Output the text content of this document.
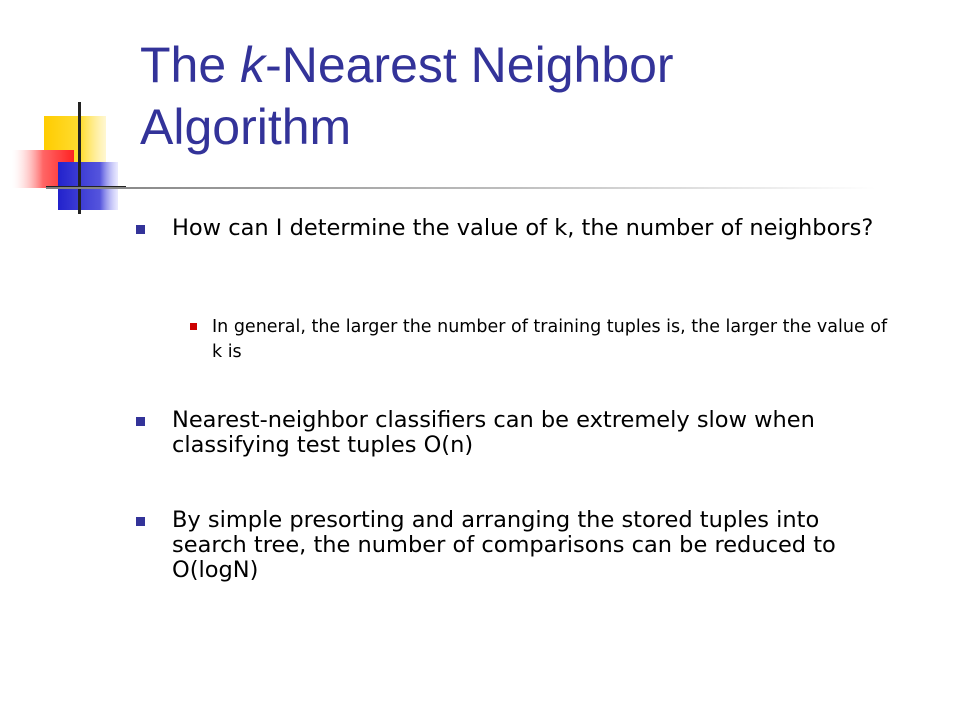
The k-Nearest Neighbor
Algorithm
How can I determine the value of k, the number of neighbors?
In general, the larger the number of training tuples is, the larger the value of k is
Nearest-neighbor classifiers can be extremely slow when classifying test tuples O(n)
By simple presorting and arranging the stored tuples into search tree, the number of comparisons can be reduced to O(logN)
